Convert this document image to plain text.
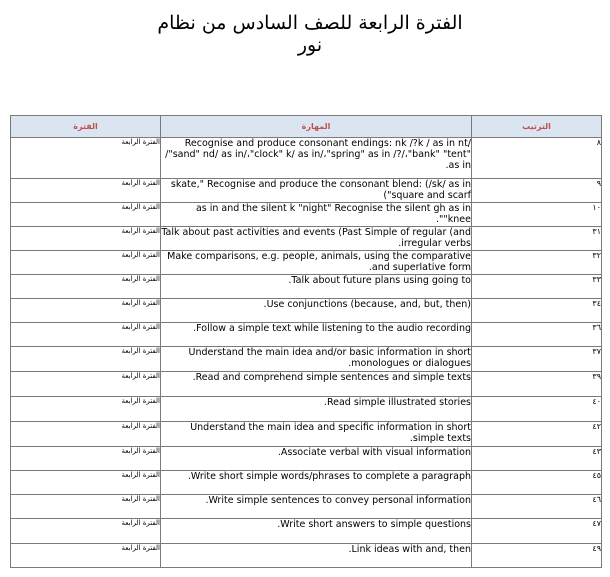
الفترة الرابعة للصف السادس من نظام نور
الفترة	المهارة	الترتيب
الفترة الرابعة	Recognise and produce consonant endings: nk /?k / as in nt/ /"sand" nd/ as in/،"clock" k/ as in/،"spring" as in /?/،"bank" "tent" as in.	٨
الفترة الرابعة	skate," Recognise and produce the consonant blend: (/sk/ as in ("square and scarf	٩
الفترة الرابعة	as in and the silent k "night" Recognise the silent gh as in "knee".	١٠
الفترة الرابعة	Talk about past activities and events (Past Simple of regular (and irregular verbs.	٣١
الفترة الرابعة	Make comparisons, e.g. people, animals, using the comparative and superlative form.	٣٢
الفترة الرابعة	Talk about future plans using going to.	٣٣
الفترة الرابعة	(Use conjunctions (because, and, but, then.	٣٤
الفترة الرابعة	Follow a simple text while listening to the audio recording.	٣٦
الفترة الرابعة	Understand the main idea and/or basic information in short monologues or dialogues.	٣٧
الفترة الرابعة	Read and comprehend simple sentences and simple texts.	٣٩
الفترة الرابعة	Read simple illustrated stories.	٤٠
الفترة الرابعة	Understand the main idea and specific information in short simple texts.	٤٢
الفترة الرابعة	Associate verbal with visual information.	٤٣
الفترة الرابعة	Write short simple words/phrases to complete a paragraph.	٤٥
الفترة الرابعة	Write simple sentences to convey personal information.	٤٦
الفترة الرابعة	Write short answers to simple questions.	٤٧
الفترة الرابعة	Link ideas with and, then.	٤٩
